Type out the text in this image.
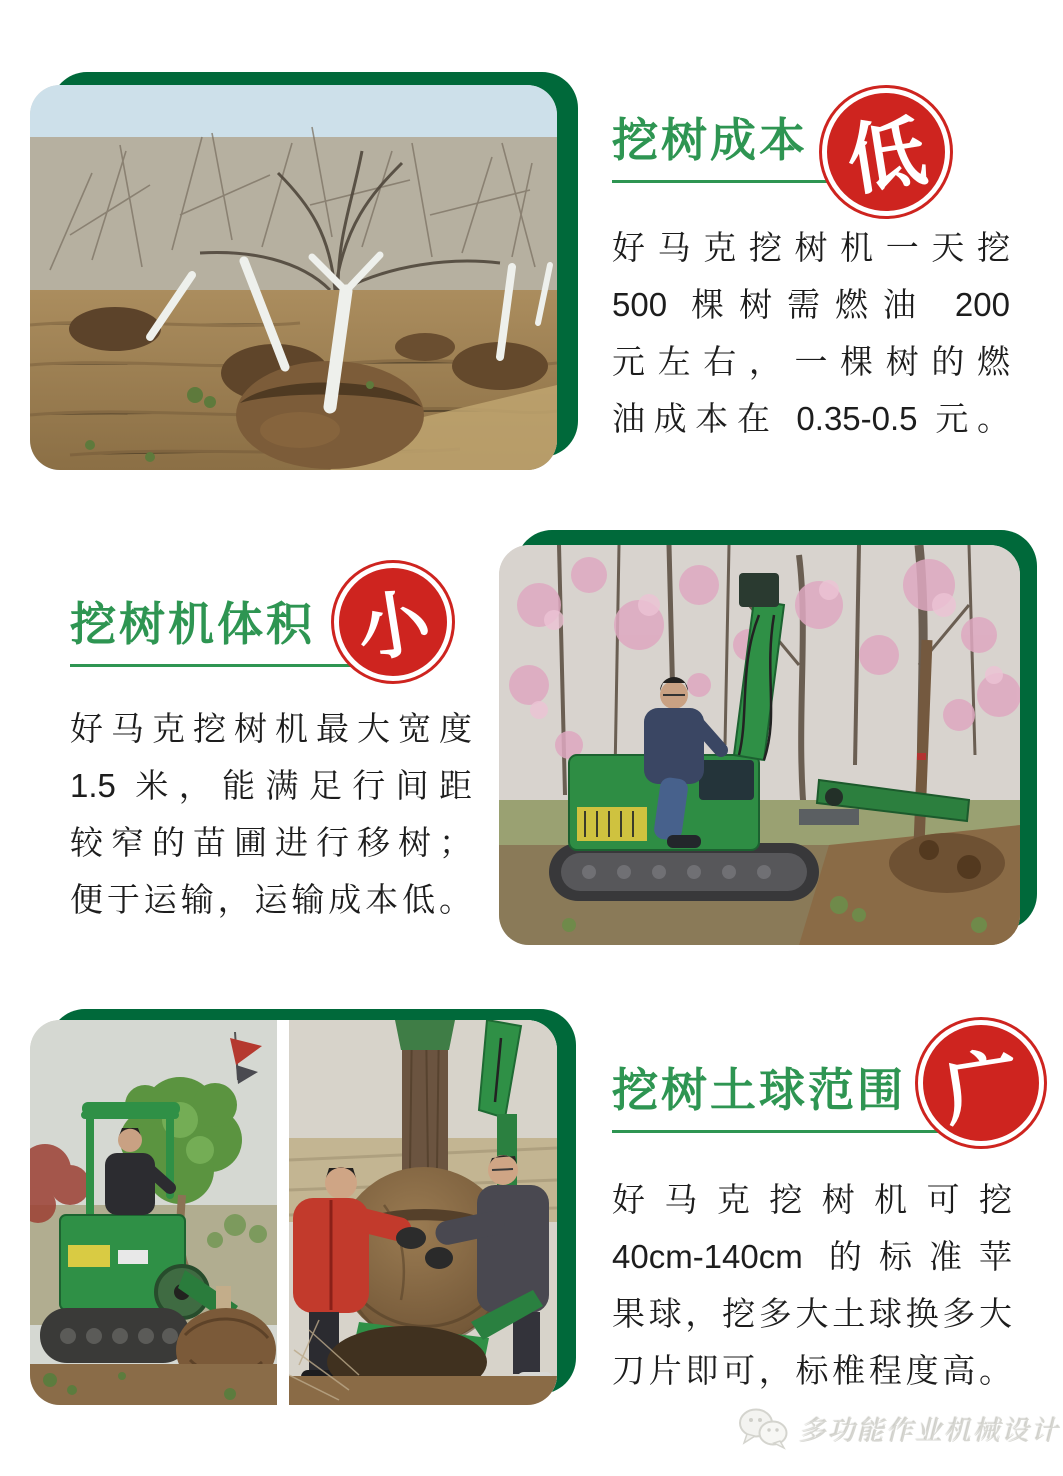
挖树成本 低
好马克挖树机一天挖
500 棵树需燃油 200
元左右，一棵树的燃
油成本在 0.35-0.5 元。
挖树机体积 小
好马克挖树机最大宽度
1.5 米，能满足行间距
较窄的苗圃进行移树；
便于运输，运输成本低。
挖树土球范围 广
好马克挖树机可挖
40cm-140cm 的标准苹
果球，挖多大土球换多大
刀片即可，标椎程度高。
多功能作业机械设计
